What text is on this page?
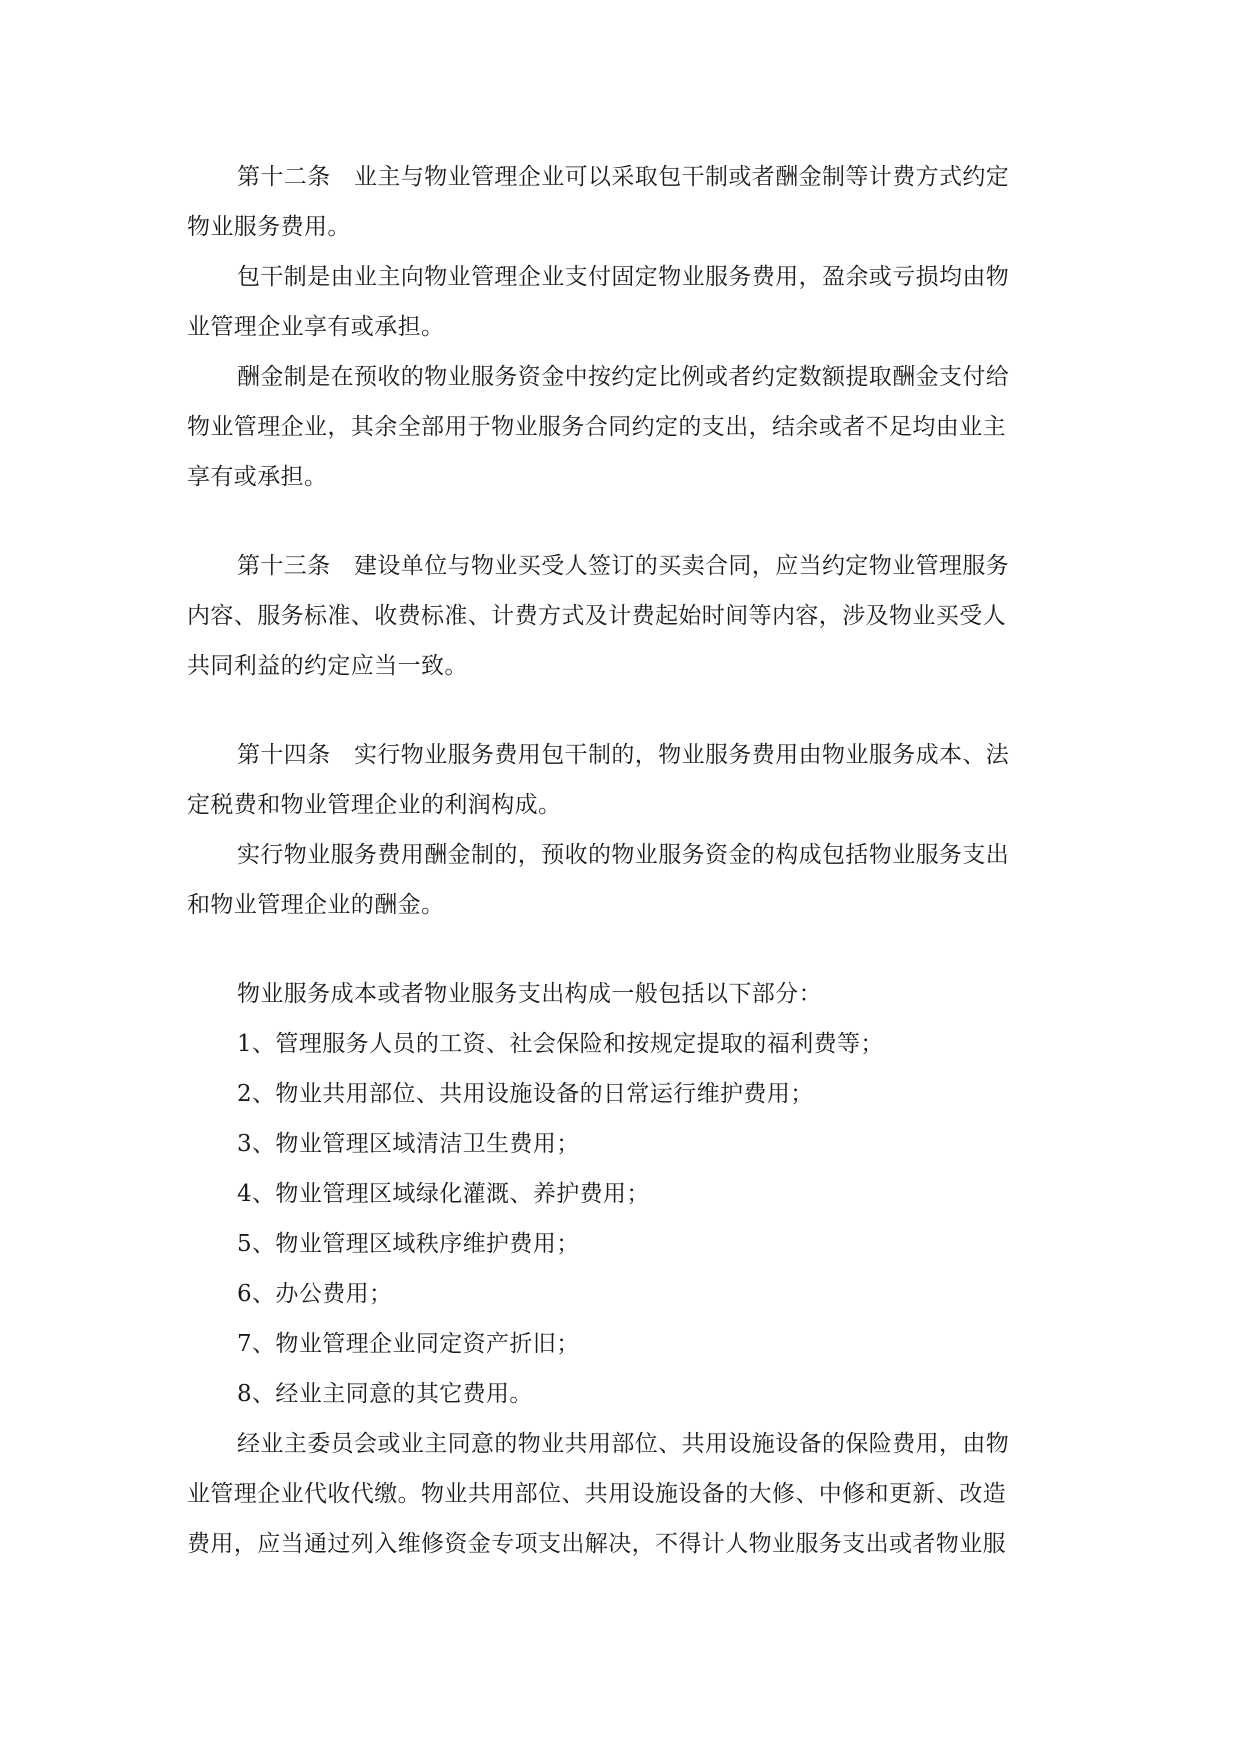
第十二条　业主与物业管理企业可以采取包干制或者酬金制等计费方式约定
物业服务费用。
包干制是由业主向物业管理企业支付固定物业服务费用，盈余或亏损均由物
业管理企业享有或承担。
酬金制是在预收的物业服务资金中按约定比例或者约定数额提取酬金支付给
物业管理企业，其余全部用于物业服务合同约定的支出，结余或者不足均由业主
享有或承担。
第十三条　建设单位与物业买受人签订的买卖合同，应当约定物业管理服务
内容、服务标准、收费标准、计费方式及计费起始时间等内容，涉及物业买受人
共同利益的约定应当一致。
第十四条　实行物业服务费用包干制的，物业服务费用由物业服务成本、法
定税费和物业管理企业的利润构成。
实行物业服务费用酬金制的，预收的物业服务资金的构成包括物业服务支出
和物业管理企业的酬金。
物业服务成本或者物业服务支出构成一般包括以下部分：
1、管理服务人员的工资、社会保险和按规定提取的福利费等；
2、物业共用部位、共用设施设备的日常运行维护费用；
3、物业管理区域清洁卫生费用；
4、物业管理区域绿化灌溉、养护费用；
5、物业管理区域秩序维护费用；
6、办公费用；
7、物业管理企业同定资产折旧；
8、经业主同意的其它费用。
经业主委员会或业主同意的物业共用部位、共用设施设备的保险费用，由物
业管理企业代收代缴。物业共用部位、共用设施设备的大修、中修和更新、改造
费用，应当通过列入维修资金专项支出解决，不得计人物业服务支出或者物业服
